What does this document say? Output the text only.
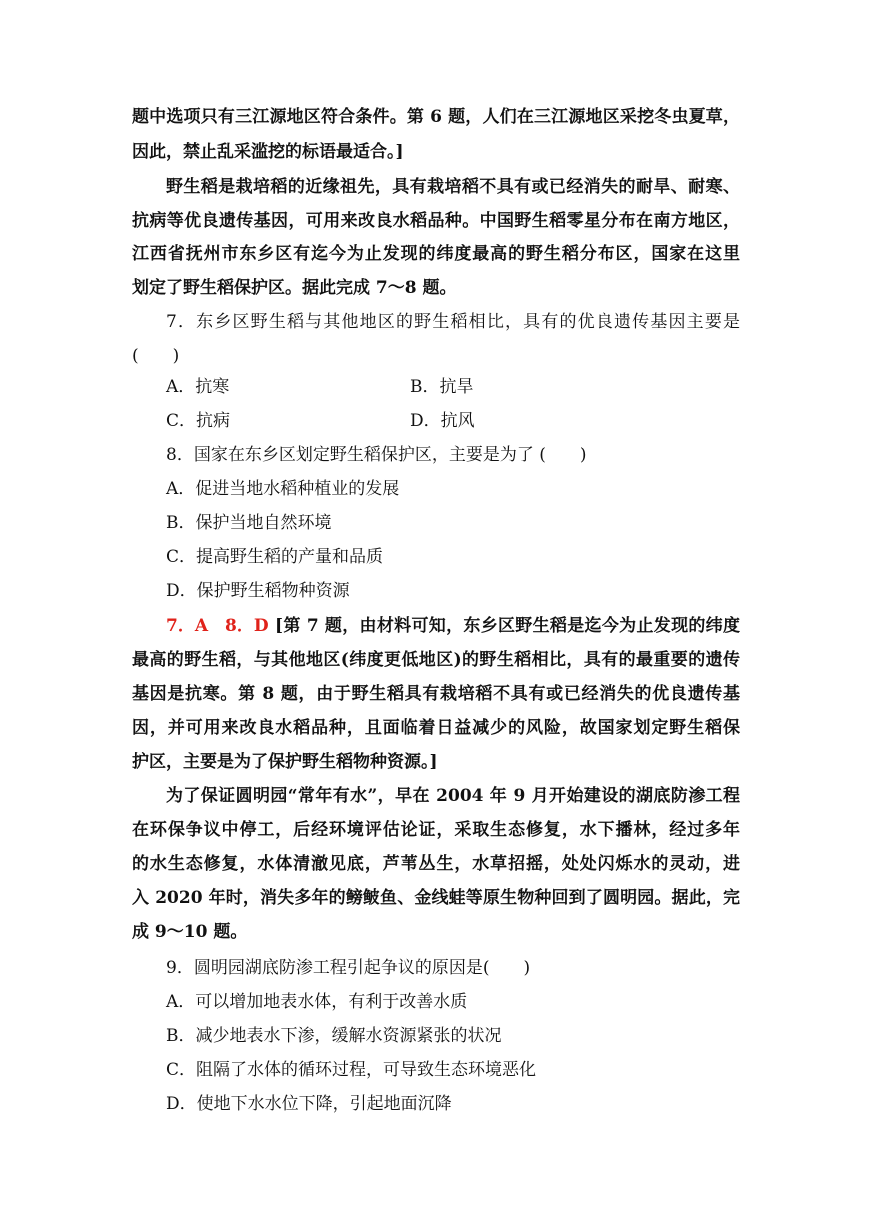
题中选项只有三江源地区符合条件。第 6 题，人们在三江源地区采挖冬虫夏草，
因此，禁止乱采滥挖的标语最适合。]
野生稻是栽培稻的近缘祖先，具有栽培稻不具有或已经消失的耐旱、耐寒、
抗病等优良遗传基因，可用来改良水稻品种。中国野生稻零星分布在南方地区，
江西省抚州市东乡区有迄今为止发现的纬度最高的野生稻分布区，国家在这里
划定了野生稻保护区。据此完成 7～8 题。
7．东乡区野生稻与其他地区的野生稻相比，具有的优良遗传基因主要是
(　　)
A．抗寒	B．抗旱
C．抗病	D．抗风
8．国家在东乡区划定野生稻保护区，主要是为了 (　　)
A．促进当地水稻种植业的发展
B．保护当地自然环境
C．提高野生稻的产量和品质
D．保护野生稻物种资源
7．A　8．D [第 7 题，由材料可知，东乡区野生稻是迄今为止发现的纬度
最高的野生稻，与其他地区(纬度更低地区)的野生稻相比，具有的最重要的遗传
基因是抗寒。第 8 题，由于野生稻具有栽培稻不具有或已经消失的优良遗传基
因，并可用来改良水稻品种，且面临着日益减少的风险，故国家划定野生稻保
护区，主要是为了保护野生稻物种资源。]
为了保证圆明园“常年有水”，早在 2004 年 9 月开始建设的湖底防渗工程
在环保争议中停工，后经环境评估论证，采取生态修复，水下播林，经过多年
的水生态修复，水体清澈见底，芦苇丛生，水草招摇，处处闪烁水的灵动，进
入 2020 年时，消失多年的鳑鲏鱼、金线蛙等原生物种回到了圆明园。据此，完
成 9～10 题。
9．圆明园湖底防渗工程引起争议的原因是(　　)
A．可以增加地表水体，有利于改善水质
B．减少地表水下渗，缓解水资源紧张的状况
C．阻隔了水体的循环过程，可导致生态环境恶化
D．使地下水水位下降，引起地面沉降
